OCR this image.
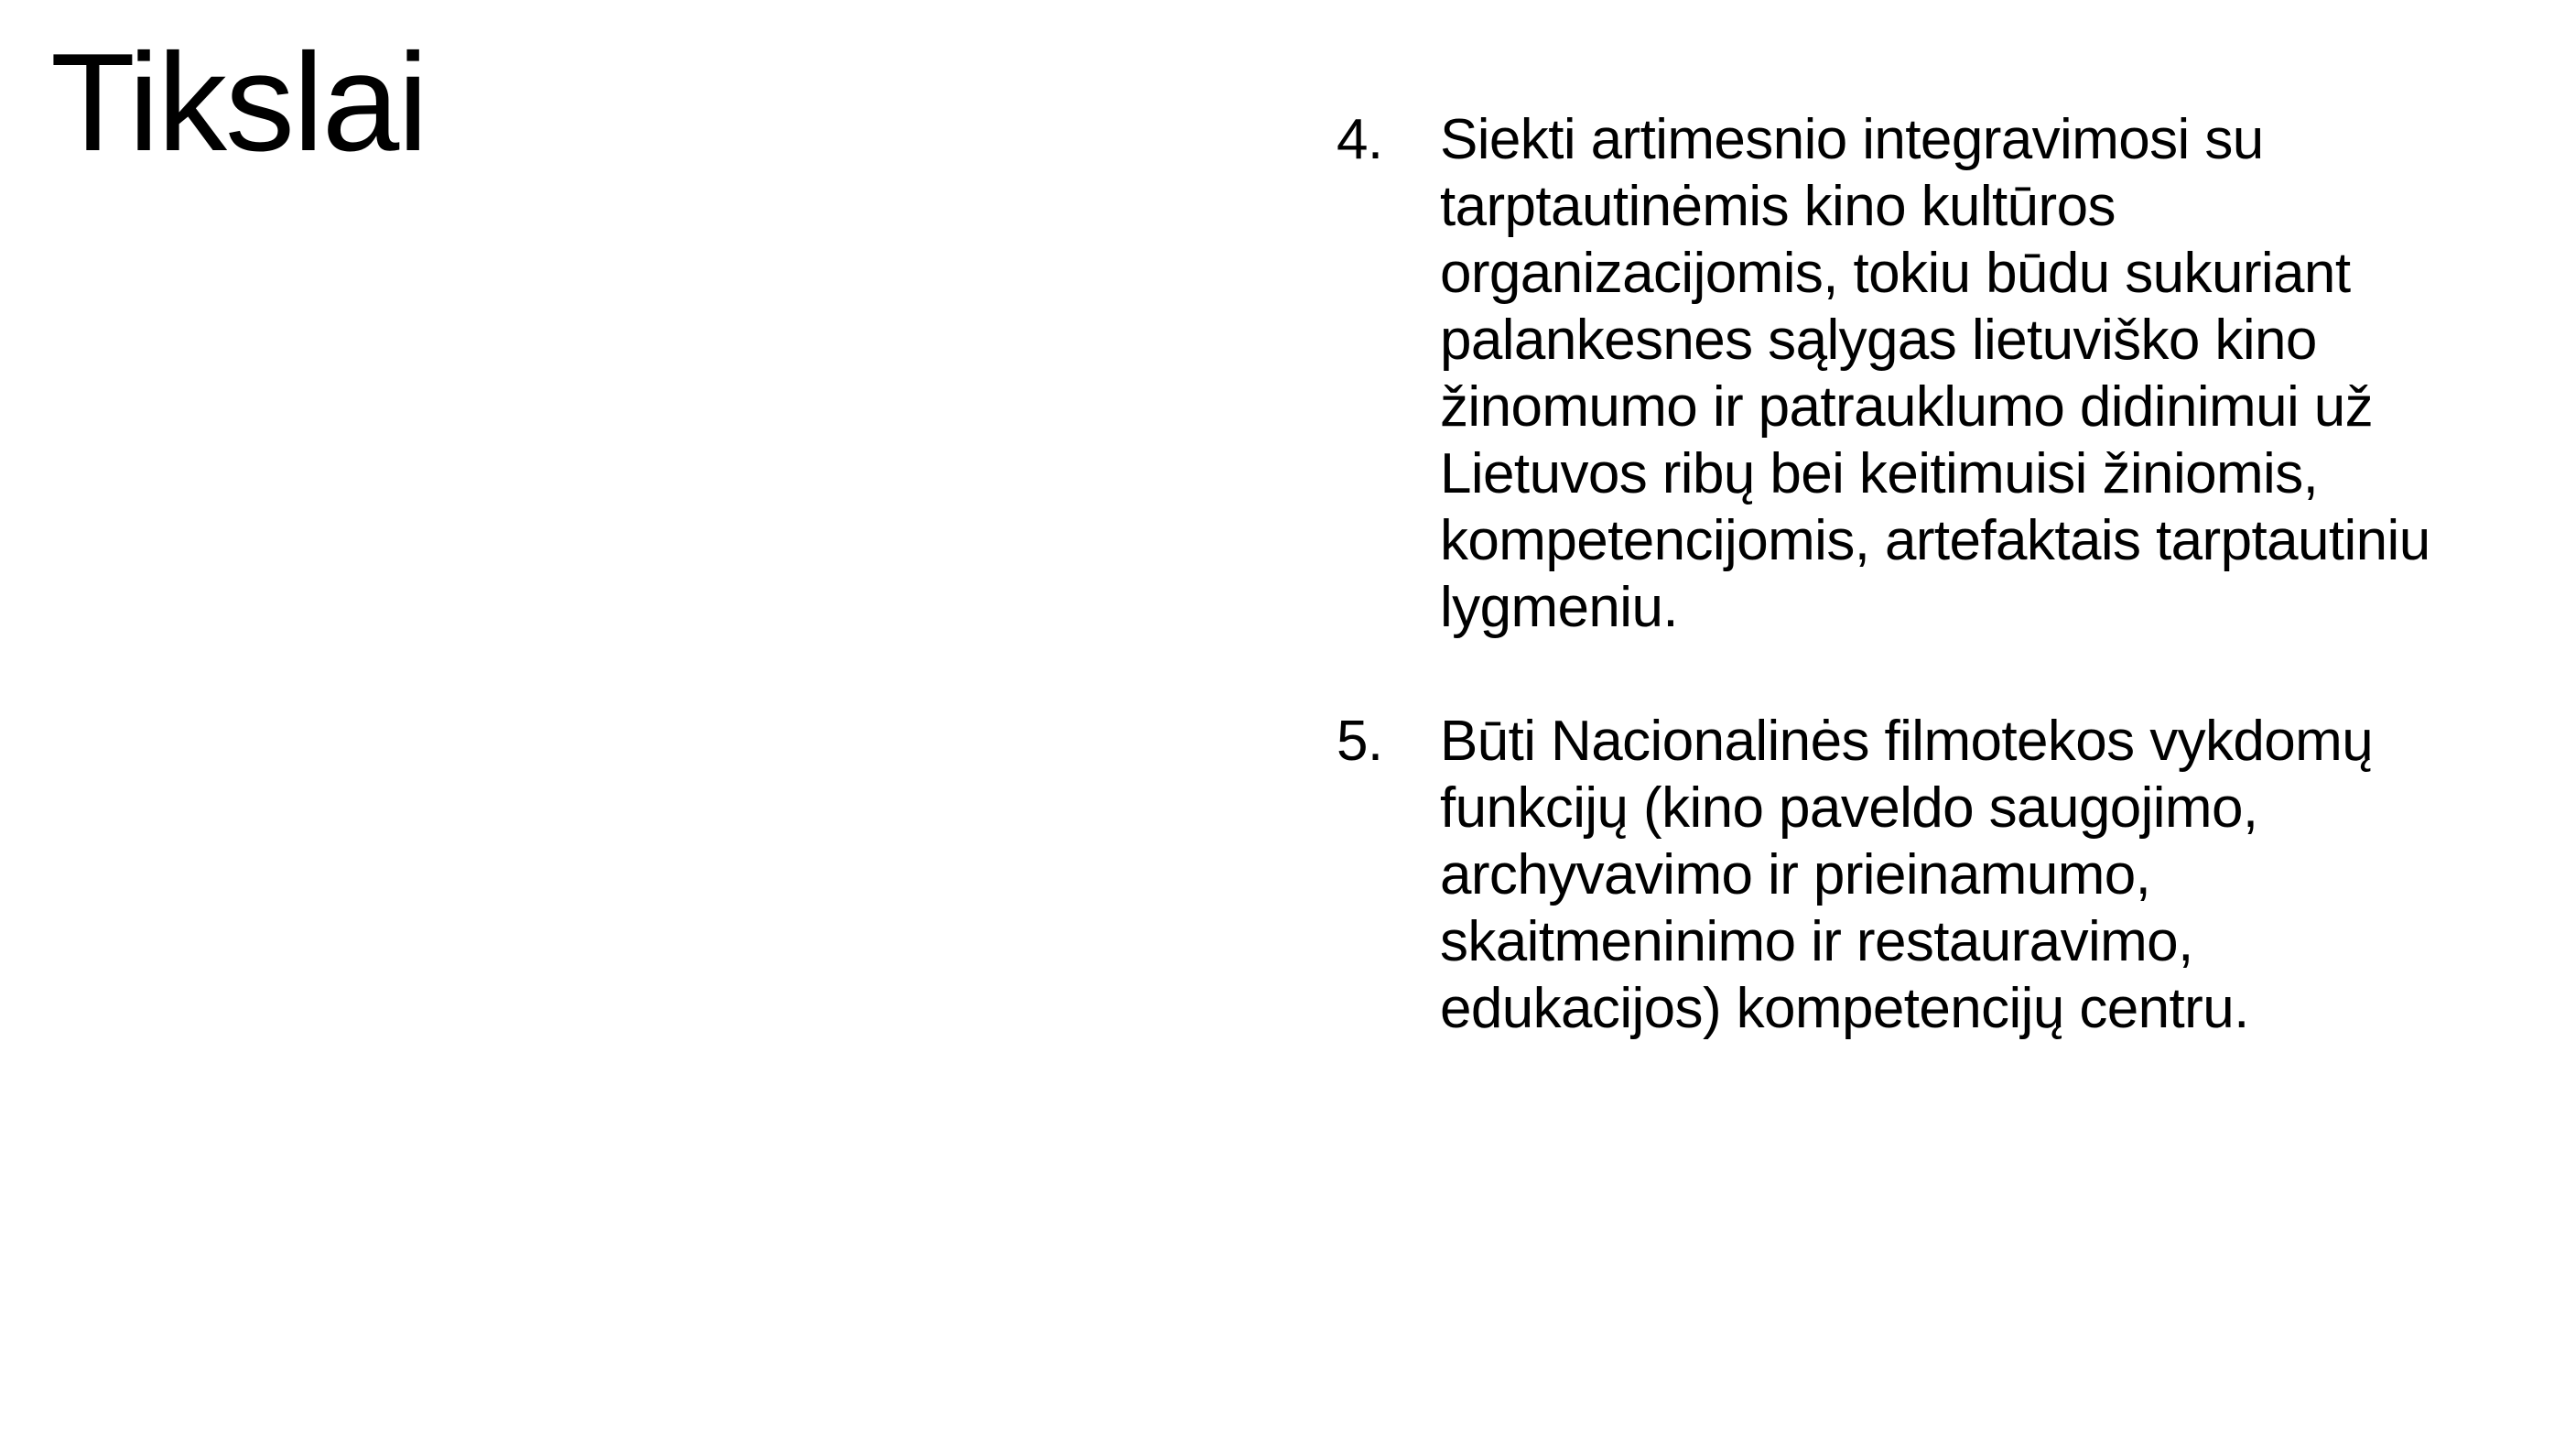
Tikslai	4.	Siekti artimesnio integravimosi su
tarptautinėmis kino kultūros
organizacijomis, tokiu būdu sukuriant
palankesnes sąlygas lietuviško kino
žinomumo ir patrauklumo didinimui už
Lietuvos ribų bei keitimuisi žiniomis,
kompetencijomis, artefaktais tarptautiniu
lygmeniu.
5.	Būti Nacionalinės filmotekos vykdomų
funkcijų (kino paveldo saugojimo,
archyvavimo ir prieinamumo,
skaitmeninimo ir restauravimo,
edukacijos) kompetencijų centru.
